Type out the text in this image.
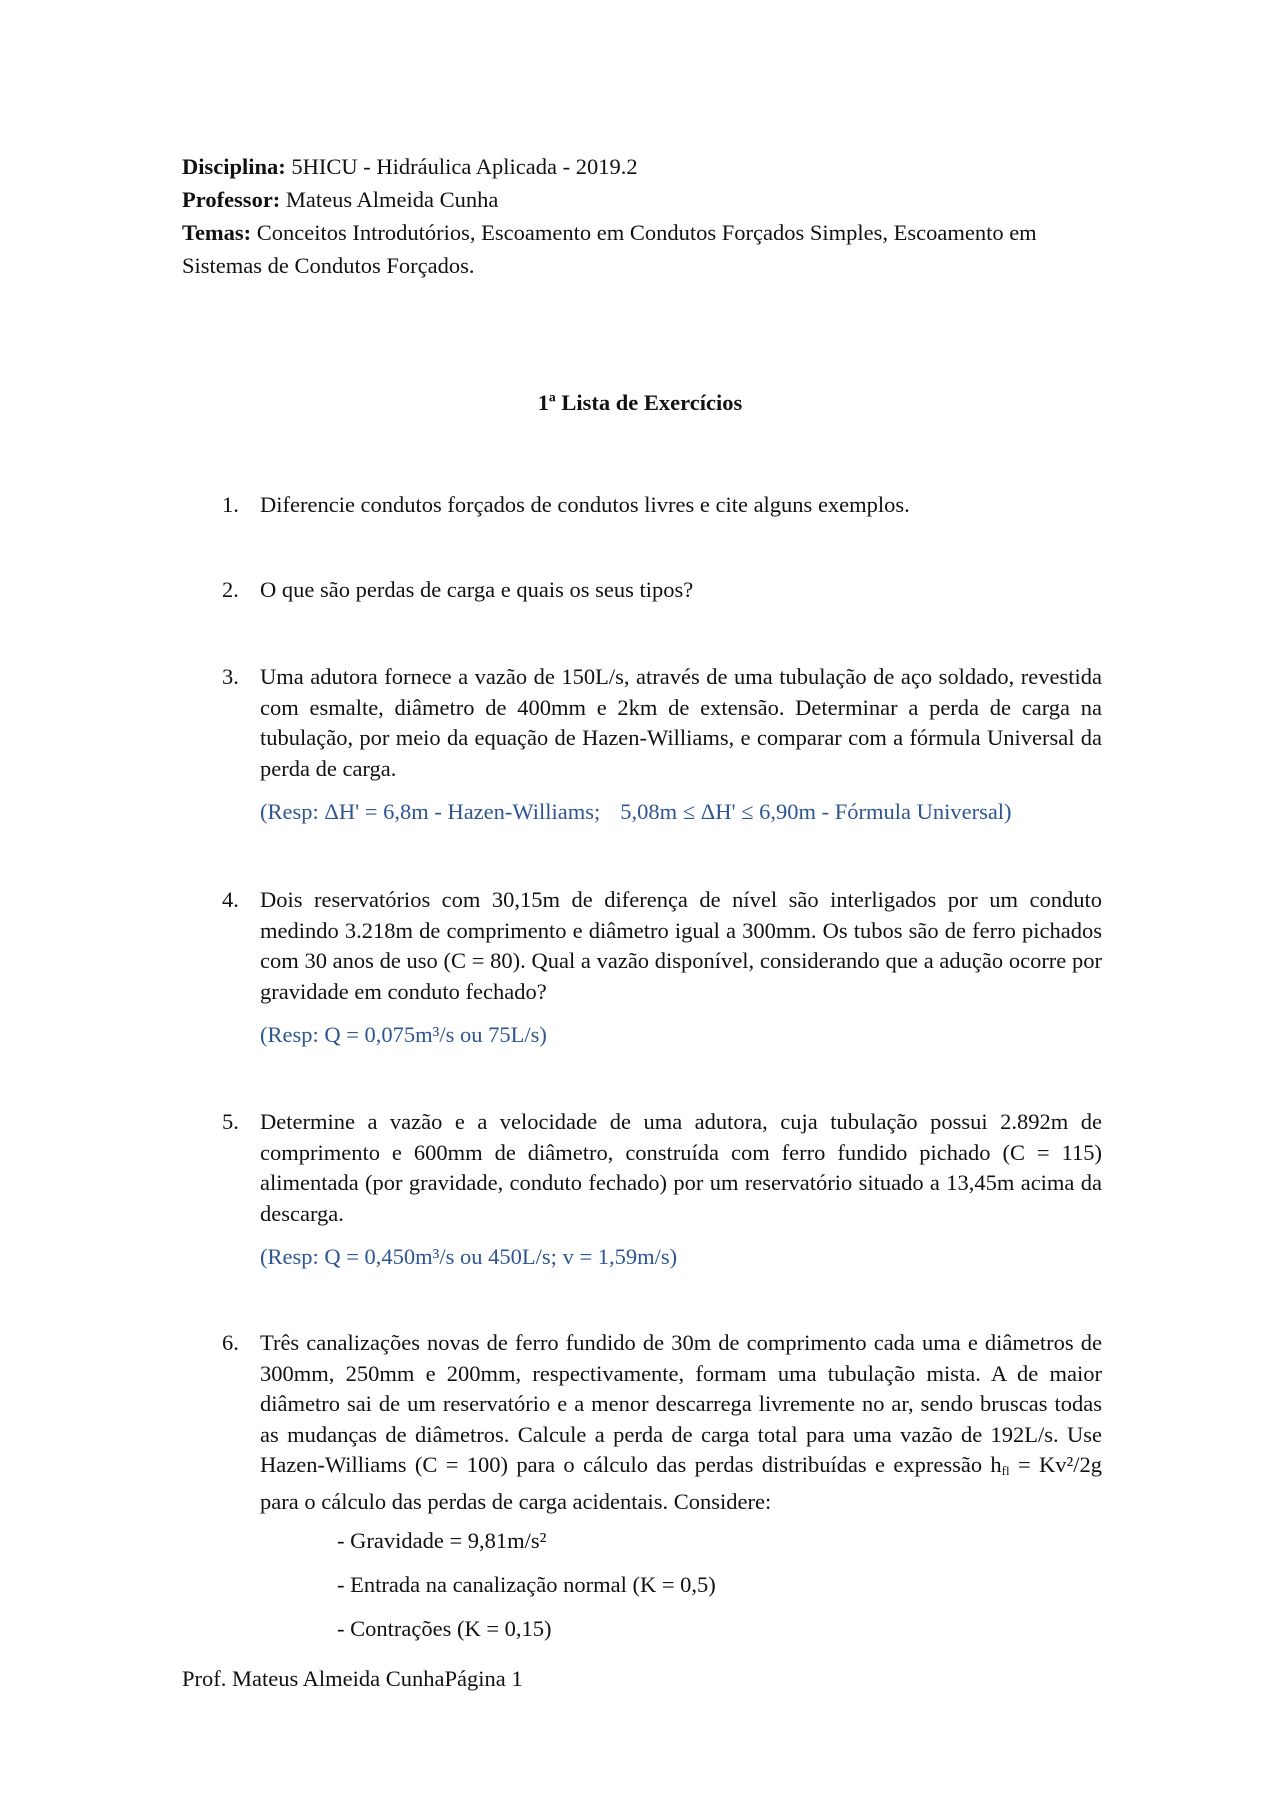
Disciplina: 5HICU - Hidráulica Aplicada - 2019.2
Professor: Mateus Almeida Cunha
Temas: Conceitos Introdutórios, Escoamento em Condutos Forçados Simples, Escoamento em Sistemas de Condutos Forçados.
1ª Lista de Exercícios
1. Diferencie condutos forçados de condutos livres e cite alguns exemplos.
2. O que são perdas de carga e quais os seus tipos?
3. Uma adutora fornece a vazão de 150L/s, através de uma tubulação de aço soldado, revestida com esmalte, diâmetro de 400mm e 2km de extensão. Determinar a perda de carga na tubulação, por meio da equação de Hazen-Williams, e comparar com a fórmula Universal da perda de carga.
(Resp: ΔH' = 6,8m - Hazen-Williams; 5,08m ≤ ΔH' ≤ 6,90m - Fórmula Universal)
4. Dois reservatórios com 30,15m de diferença de nível são interligados por um conduto medindo 3.218m de comprimento e diâmetro igual a 300mm. Os tubos são de ferro pichados com 30 anos de uso (C = 80). Qual a vazão disponível, considerando que a adução ocorre por gravidade em conduto fechado?
(Resp: Q = 0,075m³/s ou 75L/s)
5. Determine a vazão e a velocidade de uma adutora, cuja tubulação possui 2.892m de comprimento e 600mm de diâmetro, construída com ferro fundido pichado (C = 115) alimentada (por gravidade, conduto fechado) por um reservatório situado a 13,45m acima da descarga.
(Resp: Q = 0,450m³/s ou 450L/s; v = 1,59m/s)
6. Três canalizações novas de ferro fundido de 30m de comprimento cada uma e diâmetros de 300mm, 250mm e 200mm, respectivamente, formam uma tubulação mista. A de maior diâmetro sai de um reservatório e a menor descarrega livremente no ar, sendo bruscas todas as mudanças de diâmetros. Calcule a perda de carga total para uma vazão de 192L/s. Use Hazen-Williams (C = 100) para o cálculo das perdas distribuídas e expressão $h_{fl} = Kv^2/2g$ para o cálculo das perdas de carga acidentais. Considere:
- Gravidade = 9,81m/s²
- Entrada na canalização normal (K = 0,5)
- Contrações (K = 0,15)
Prof. Mateus Almeida CunhaPágina 1
